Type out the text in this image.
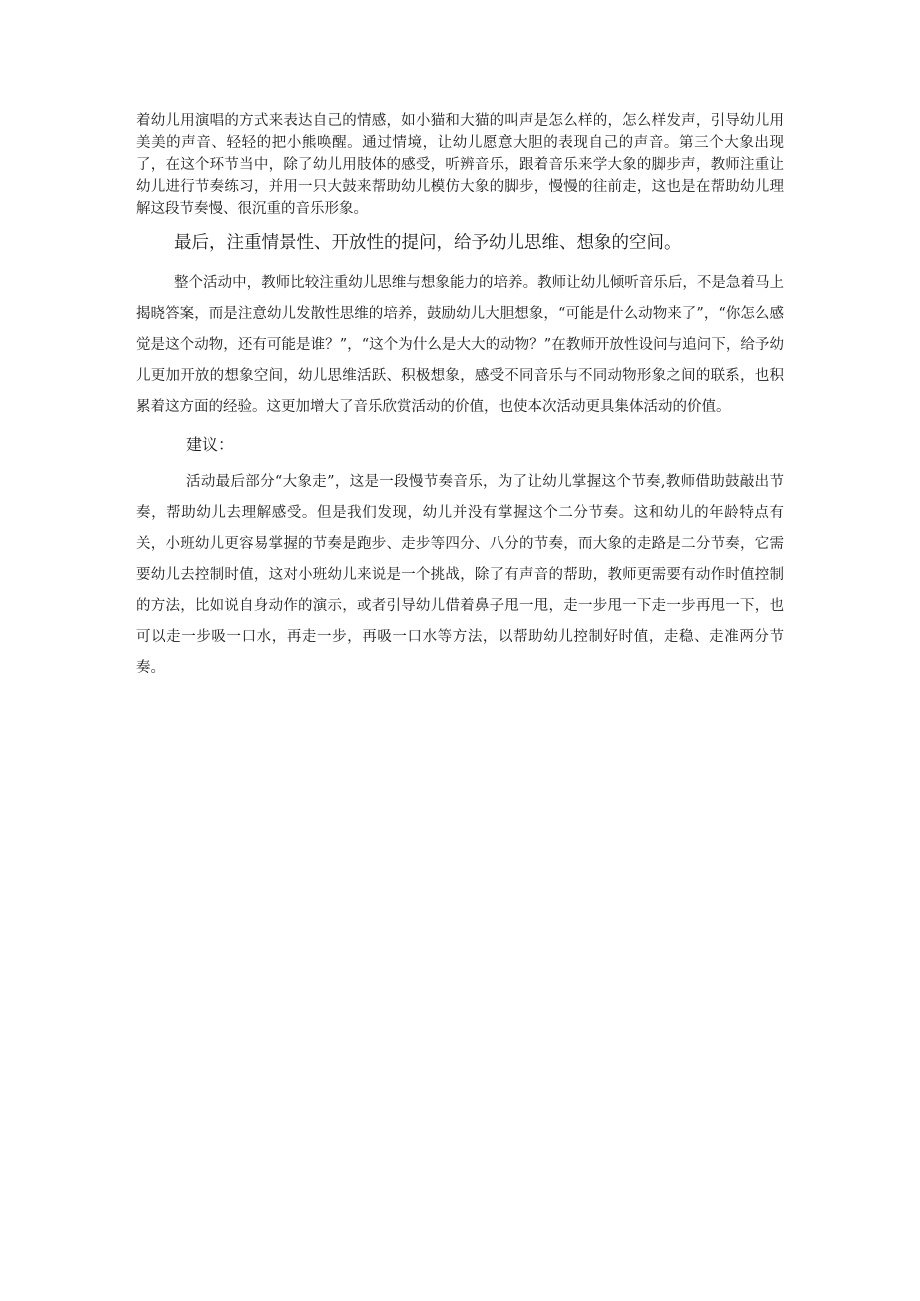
着幼儿用演唱的方式来表达自己的情感，如小猫和大猫的叫声是怎么样的，怎么样发声，引导幼儿用美美的声音、轻轻的把小熊唤醒。通过情境，让幼儿愿意大胆的表现自己的声音。第三个大象出现了，在这个环节当中，除了幼儿用肢体的感受，听辨音乐，跟着音乐来学大象的脚步声，教师注重让幼儿进行节奏练习，并用一只大鼓来帮助幼儿模仿大象的脚步，慢慢的往前走，这也是在帮助幼儿理解这段节奏慢、很沉重的音乐形象。

最后，注重情景性、开放性的提问，给予幼儿思维、想象的空间。

整个活动中，教师比较注重幼儿思维与想象能力的培养。教师让幼儿倾听音乐后，不是急着马上揭晓答案，而是注意幼儿发散性思维的培养，鼓励幼儿大胆想象，“可能是什么动物来了”，“你怎么感觉是这个动物，还有可能是谁？”，“这个为什么是大大的动物？”在教师开放性设问与追问下，给予幼儿更加开放的想象空间，幼儿思维活跃、积极想象，感受不同音乐与不同动物形象之间的联系，也积累着这方面的经验。这更加增大了音乐欣赏活动的价值，也使本次活动更具集体活动的价值。

建议：

活动最后部分“大象走”，这是一段慢节奏音乐，为了让幼儿掌握这个节奏,教师借助鼓敲出节奏，帮助幼儿去理解感受。但是我们发现，幼儿并没有掌握这个二分节奏。这和幼儿的年龄特点有关，小班幼儿更容易掌握的节奏是跑步、走步等四分、八分的节奏，而大象的走路是二分节奏，它需要幼儿去控制时值，这对小班幼儿来说是一个挑战，除了有声音的帮助，教师更需要有动作时值控制的方法，比如说自身动作的演示，或者引导幼儿借着鼻子甩一甩，走一步甩一下走一步再甩一下，也可以走一步吸一口水，再走一步，再吸一口水等方法，以帮助幼儿控制好时值，走稳、走准两分节奏。
